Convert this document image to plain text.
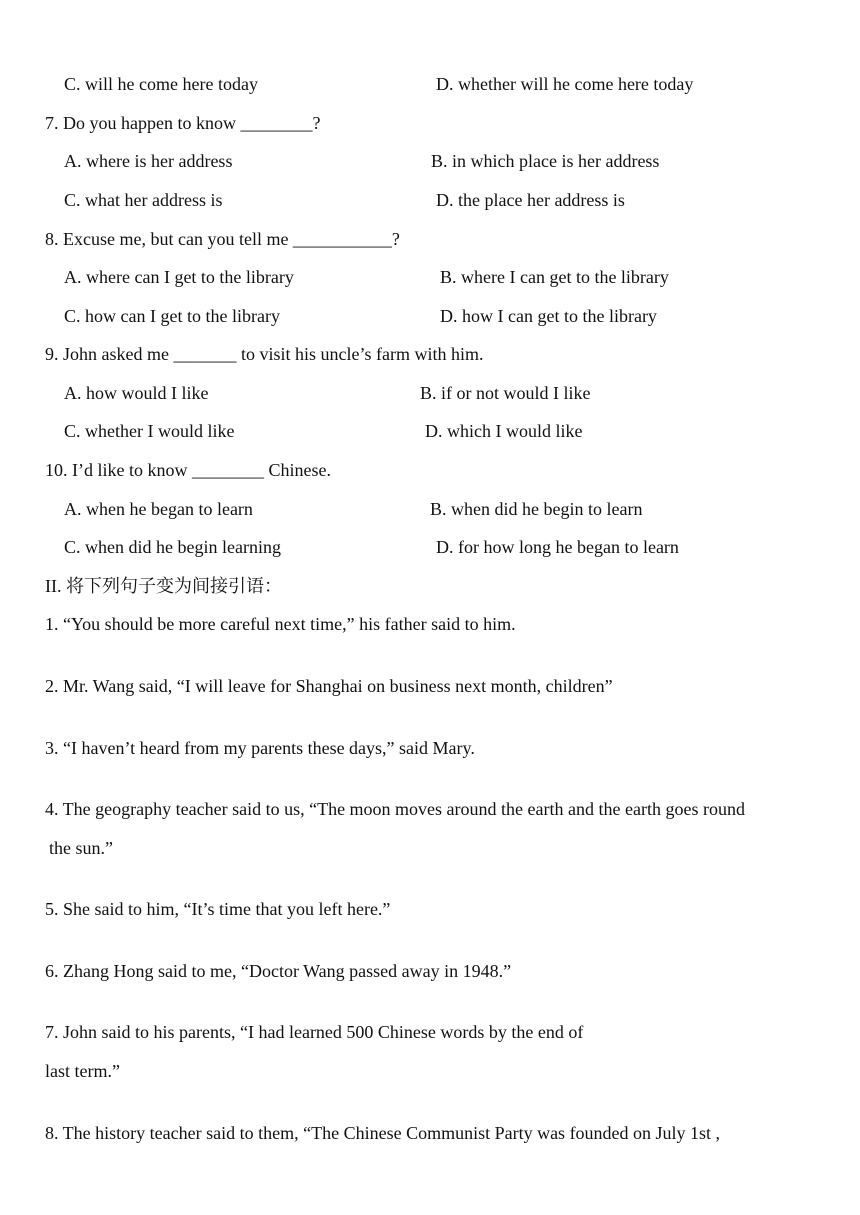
C. will he come here today	D. whether will he come here today
7. Do you happen to know ________?
A. where is her address	B. in which place is her address
C. what her address is	D. the place her address is
8. Excuse me, but can you tell me ___________?
A. where can I get to the library	B. where I can get to the library
C. how can I get to the library	D. how I can get to the library
9. John asked me _______ to visit his uncle’s farm with him.
A. how would I like	B. if or not would I like
C. whether I would like	D. which I would like
10. I’d like to know ________ Chinese.
A. when he began to learn	B. when did he begin to learn
C. when did he begin learning	D. for how long he began to learn
II. 将下列句子变为间接引语：
1. “You should be more careful next time,” his father said to him.
2. Mr. Wang said, “I will leave for Shanghai on business next month, children”
3. “I haven’t heard from my parents these days,” said Mary.
4. The geography teacher said to us, “The moon moves around the earth and the earth goes round
the sun.”
5. She said to him, “It’s time that you left here.”
6. Zhang Hong said to me, “Doctor Wang passed away in 1948.”
7. John said to his parents, “I had learned 500 Chinese words by the end of
last term.”
8. The history teacher said to them, “The Chinese Communist Party was founded on July 1st ,
